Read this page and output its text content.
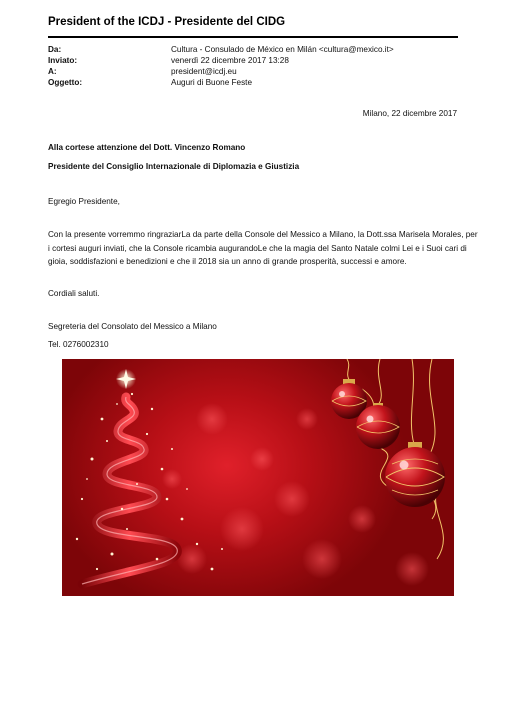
President of the ICDJ - Presidente del CIDG
Da:	Cultura - Consulado de México en Milán <cultura@mexico.it>
Inviato:	venerdì 22 dicembre 2017 13:28
A:	president@icdj.eu
Oggetto:	Auguri di Buone Feste
Milano, 22 dicembre 2017
Alla cortese attenzione del Dott. Vincenzo Romano
Presidente del Consiglio Internazionale di Diplomazia e Giustizia
Egregio Presidente,
Con la presente vorremmo ringraziarLa da parte della Console del Messico a Milano, la Dott.ssa Marisela Morales, per
i cortesi auguri inviati, che la Console ricambia augurandoLe che la magia del Santo Natale colmi Lei e i Suoi cari di
gioia, soddisfazioni e benedizioni e che il 2018 sia un anno di grande prosperità, successi e amore.
Cordiali saluti.
Segreteria del Consolato del Messico a Milano
Tel. 0276002310
